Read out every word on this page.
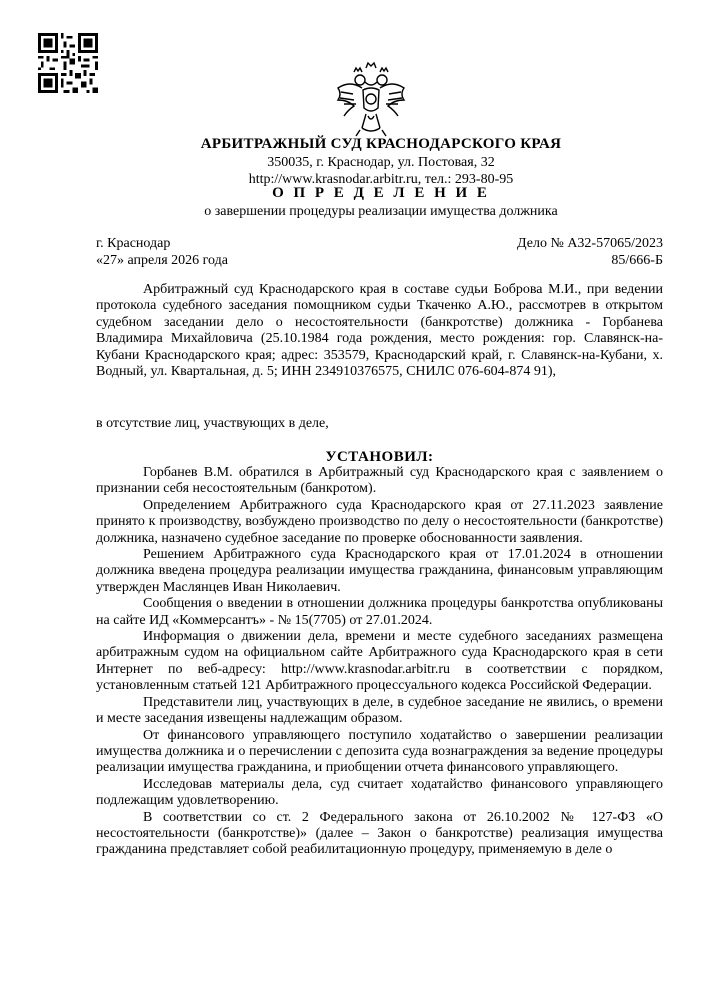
АРБИТРАЖНЫЙ СУД КРАСНОДАРСКОГО КРАЯ
350035, г. Краснодар, ул. Постовая, 32
http://www.krasnodar.arbitr.ru, тел.: 293-80-95
О П Р Е Д Е Л Е Н И Е
о завершении процедуры реализации имущества должника
г. Краснодар
«27» апреля 2026 года
Дело № А32-57065/2023
85/666-Б

Арбитражный суд Краснодарского края в составе судьи Боброва М.И., при ведении протокола судебного заседания помощником судьи Ткаченко А.Ю., рассмотрев в открытом судебном заседании дело о несостоятельности (банкротстве) должника - Горбанева Владимира Михайловича (25.10.1984 года рождения, место рождения: гор. Славянск-на-Кубани Краснодарского края; адрес: 353579, Краснодарский край, г. Славянск-на-Кубани, х. Водный, ул. Квартальная, д. 5; ИНН 234910376575, СНИЛС 076-604-874 91),

в отсутствие лиц, участвующих в деле,

УСТАНОВИЛ:

Горбанев В.М. обратился в Арбитражный суд Краснодарского края с заявлением о признании себя несостоятельным (банкротом).

Определением Арбитражного суда Краснодарского края от 27.11.2023 заявление принято к производству, возбуждено производство по делу о несостоятельности (банкротстве) должника, назначено судебное заседание по проверке обоснованности заявления.

Решением Арбитражного суда Краснодарского края от 17.01.2024 в отношении должника введена процедура реализации имущества гражданина, финансовым управляющим утвержден Маслянцев Иван Николаевич.

Сообщения о введении в отношении должника процедуры банкротства опубликованы на сайте ИД «Коммерсантъ» - № 15(7705) от 27.01.2024.

Информация о движении дела, времени и месте судебного заседаниях размещена арбитражным судом на официальном сайте Арбитражного суда Краснодарского края в сети Интернет по веб-адресу: http://www.krasnodar.arbitr.ru в соответствии с порядком, установленным статьей 121 Арбитражного процессуального кодекса Российской Федерации.

Представители лиц, участвующих в деле, в судебное заседание не явились, о времени и месте заседания извещены надлежащим образом.

От финансового управляющего поступило ходатайство о завершении реализации имущества должника и о перечислении с депозита суда вознаграждения за ведение процедуры реализации имущества гражданина, и приобщении отчета финансового управляющего.

Исследовав материалы дела, суд считает ходатайство финансового управляющего подлежащим удовлетворению.

В соответствии со ст. 2 Федерального закона от 26.10.2002 № 127-ФЗ «О несостоятельности (банкротстве)» (далее – Закон о банкротстве) реализация имущества гражданина представляет собой реабилитационную процедуру, применяемую в деле о
